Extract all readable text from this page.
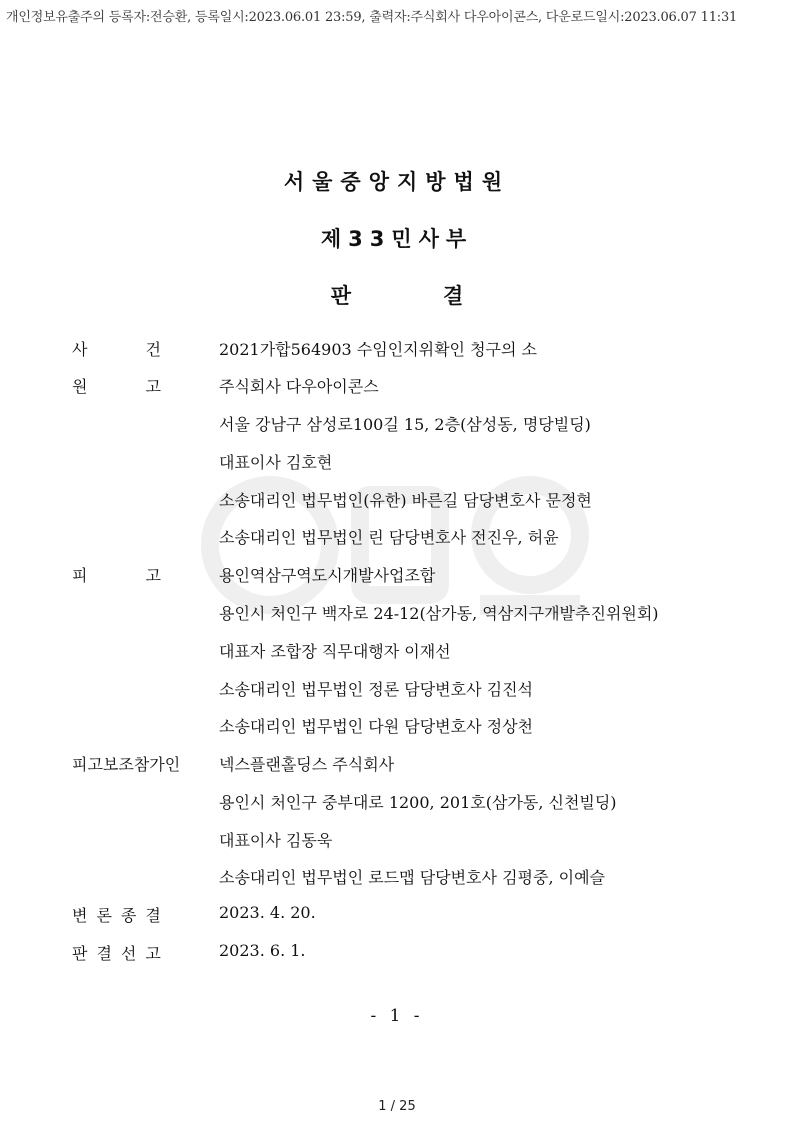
개인정보유출주의 등록자:전승환, 등록일시:2023.06.01 23:59, 출력자:주식회사 다우아이콘스, 다운로드일시:2023.06.07 11:31
서울중앙지방법원
제33민사부
판결
사건 2021가합564903 수임인지위확인 청구의 소
원고 주식회사 다우아이콘스
서울 강남구 삼성로100길 15, 2층(삼성동, 명당빌딩)
대표이사 김호현
소송대리인 법무법인(유한) 바른길 담당변호사 문정현
소송대리인 법무법인 린 담당변호사 전진우, 허윤
피고 용인역삼구역도시개발사업조합
용인시 처인구 백자로 24-12(삼가동, 역삼지구개발추진위원회)
대표자 조합장 직무대행자 이재선
소송대리인 법무법인 정론 담당변호사 김진석
소송대리인 법무법인 다원 담당변호사 정상천
피고보조참가인 넥스플랜홀딩스 주식회사
용인시 처인구 중부대로 1200, 201호(삼가동, 신천빌딩)
대표이사 김동욱
소송대리인 법무법인 로드맵 담당변호사 김평중, 이예슬
변론종결	2023. 4. 20.
판결선고	2023. 6. 1.
- 1 -
1 / 25
